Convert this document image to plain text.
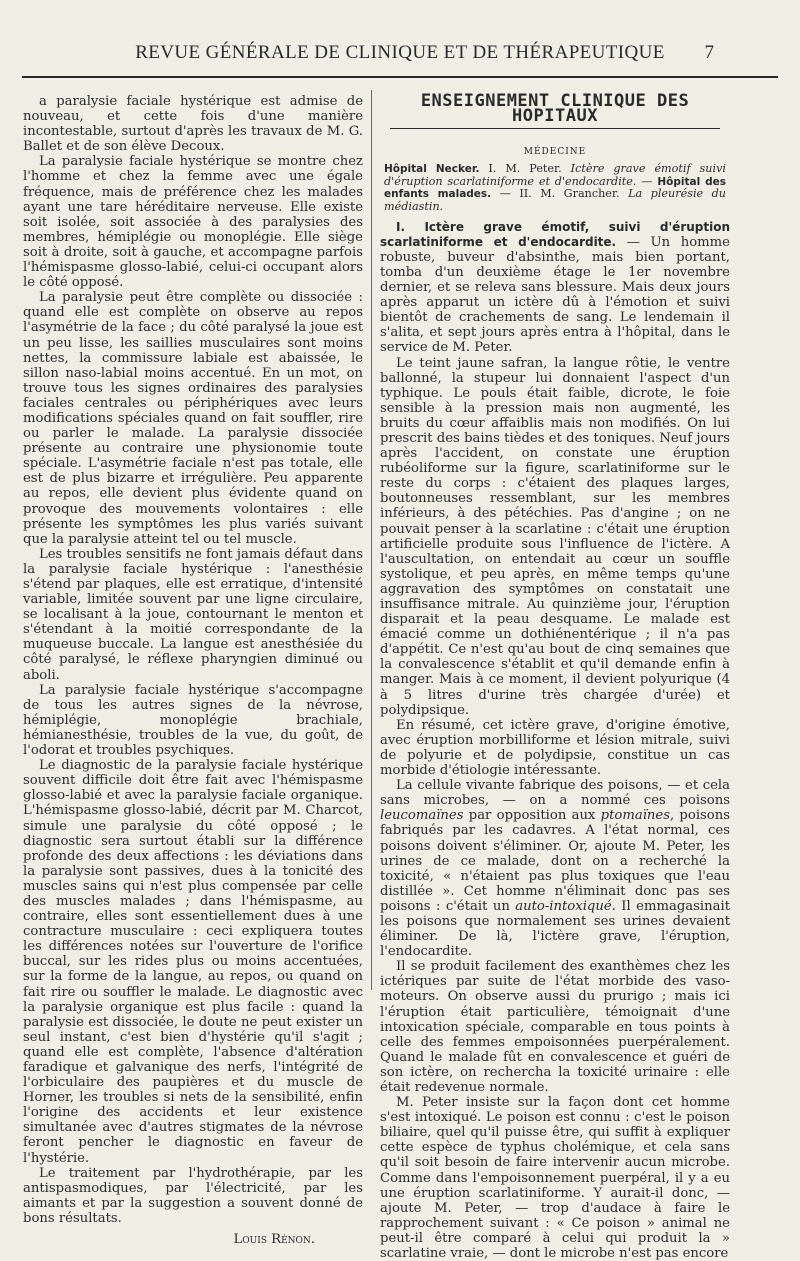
REVUE GÉNÉRALE DE CLINIQUE ET DE THÉRAPEUTIQUE	7

a paralysie faciale hystérique est admise de nouveau, et cette fois d'une manière incontestable, surtout d'après les travaux de M. G. Ballet et de son élève Decoux.

La paralysie faciale hystérique se montre chez l'homme et chez la femme avec une égale fréquence, mais de préférence chez les malades ayant une tare héréditaire nerveuse. Elle existe soit isolée, soit associée à des paralysies des membres, hémiplégie ou monoplégie. Elle siège soit à droite, soit à gauche, et accompagne parfois l'hémispasme glosso-labié, celui-ci occupant alors le côté opposé.

La paralysie peut être complète ou dissociée : quand elle est complète on observe au repos l'asymétrie de la face ; du côté paralysé la joue est un peu lisse, les saillies musculaires sont moins nettes, la commissure labiale est abaissée, le sillon naso-labial moins accentué. En un mot, on trouve tous les signes ordinaires des paralysies faciales centrales ou périphériques avec leurs modifications spéciales quand on fait souffler, rire ou parler le malade. La paralysie dissociée présente au contraire une physionomie toute spéciale. L'asymétrie faciale n'est pas totale, elle est de plus bizarre et irrégulière. Peu apparente au repos, elle devient plus évidente quand on provoque des mouvements volontaires : elle présente les symptômes les plus variés suivant que la paralysie atteint tel ou tel muscle.

Les troubles sensitifs ne font jamais défaut dans la paralysie faciale hystérique : l'anesthésie s'étend par plaques, elle est erratique, d'intensité variable, limitée souvent par une ligne circulaire, se localisant à la joue, contournant le menton et s'étendant à la moitié correspondante de la muqueuse buccale. La langue est anesthésiée du côté paralysé, le réflexe pharyngien diminué ou aboli.

La paralysie faciale hystérique s'accompagne de tous les autres signes de la névrose, hémiplégie, monoplégie brachiale, hémianesthésie, troubles de la vue, du goût, de l'odorat et troubles psychiques.

Le diagnostic de la paralysie faciale hystérique souvent difficile doit être fait avec l'hémispasme glosso-labié et avec la paralysie faciale organique. L'hémispasme glosso-labié, décrit par M. Charcot, simule une paralysie du côté opposé ; le diagnostic sera surtout établi sur la différence profonde des deux affections : les déviations dans la paralysie sont passives, dues à la tonicité des muscles sains qui n'est plus compensée par celle des muscles malades ; dans l'hémispasme, au contraire, elles sont essentiellement dues à une contracture musculaire : ceci expliquera toutes les différences notées sur l'ouverture de l'orifice buccal, sur les rides plus ou moins accentuées, sur la forme de la langue, au repos, ou quand on fait rire ou souffler le malade. Le diagnostic avec la paralysie organique est plus facile : quand la paralysie est dissociée, le doute ne peut exister un seul instant, c'est bien d'hystérie qu'il s'agit ; quand elle est complète, l'absence d'altération faradique et galvanique des nerfs, l'intégrité de l'orbiculaire des paupières et du muscle de Horner, les troubles si nets de la sensibilité, enfin l'origine des accidents et leur existence simultanée avec d'autres stigmates de la névrose feront pencher le diagnostic en faveur de l'hystérie.

Le traitement par l'hydrothérapie, par les antispasmodiques, par l'électricité, par les aimants et par la suggestion a souvent donné de bons résultats.

Louis Rénon.
ENSEIGNEMENT CLINIQUE DES HOPITAUX
MÉDECINE

Hôpital Necker. I. M. Peter. Ictère grave émotif suivi d'éruption scarlatiniforme et d'endocardite. — Hôpital des enfants malades. — II. M. Grancher. La pleurésie du médiastin.

I. Ictère grave émotif, suivi d'éruption scarlatiniforme et d'endocardite. — Un homme robuste, buveur d'absinthe, mais bien portant, tomba d'un deuxième étage le 1er novembre dernier, et se releva sans blessure. Mais deux jours après apparut un ictère dû à l'émotion et suivi bientôt de crachements de sang. Le lendemain il s'alita, et sept jours après entra à l'hôpital, dans le service de M. Peter.

Le teint jaune safran, la langue rôtie, le ventre ballonné, la stupeur lui donnaient l'aspect d'un typhique. Le pouls était faible, dicrote, le foie sensible à la pression mais non augmenté, les bruits du cœur affaiblis mais non modifiés. On lui prescrit des bains tièdes et des toniques. Neuf jours après l'accident, on constate une éruption rubéoliforme sur la figure, scarlatiniforme sur le reste du corps : c'étaient des plaques larges, boutonneuses ressemblant, sur les membres inférieurs, à des pétéchies. Pas d'angine ; on ne pouvait penser à la scarlatine : c'était une éruption artificielle produite sous l'influence de l'ictère. A l'auscultation, on entendait au cœur un souffle systolique, et peu après, en même temps qu'une aggravation des symptômes on constatait une insuffisance mitrale. Au quinzième jour, l'éruption disparait et la peau desquame. Le malade est émacié comme un dothiénentérique ; il n'a pas d'appétit. Ce n'est qu'au bout de cinq semaines que la convalescence s'établit et qu'il demande enfin à manger. Mais à ce moment, il devient polyurique (4 à 5 litres d'urine très chargée d'urée) et polydipsique.

En résumé, cet ictère grave, d'origine émotive, avec éruption morbilliforme et lésion mitrale, suivi de polyurie et de polydipsie, constitue un cas morbide d'étiologie intéressante.

La cellule vivante fabrique des poisons, — et cela sans microbes, — on a nommé ces poisons leucomaïnes par opposition aux ptomaïnes, poisons fabriqués par les cadavres. A l'état normal, ces poisons doivent s'éliminer. Or, ajoute M. Peter, les urines de ce malade, dont on a recherché la toxicité, « n'étaient pas plus toxiques que l'eau distillée ». Cet homme n'éliminait donc pas ses poisons : c'était un auto-intoxiqué. Il emmagasinait les poisons que normalement ses urines devaient éliminer. De là, l'ictère grave, l'éruption, l'endocardite.

Il se produit facilement des exanthèmes chez les ictériques par suite de l'état morbide des vaso-moteurs. On observe aussi du prurigo ; mais ici l'éruption était particulière, témoignait d'une intoxication spéciale, comparable en tous points à celle des femmes empoisonnées puerpéralement. Quand le malade fût en convalescence et guéri de son ictère, on rechercha la toxicité urinaire : elle était redevenue normale.

M. Peter insiste sur la façon dont cet homme s'est intoxiqué. Le poison est connu : c'est le poison biliaire, quel qu'il puisse être, qui suffit à expliquer cette espèce de typhus cholémique, et cela sans qu'il soit besoin de faire intervenir aucun microbe. Comme dans l'empoisonnement puerpéral, il y a eu une éruption scarlatiniforme. Y aurait-il donc, — ajoute M. Peter, — trop d'audace à faire le rapprochement suivant : « Ce poison » animal ne peut-il être comparé à celui qui produit la » scarlatine vraie, — dont le microbe n'est pas encore
